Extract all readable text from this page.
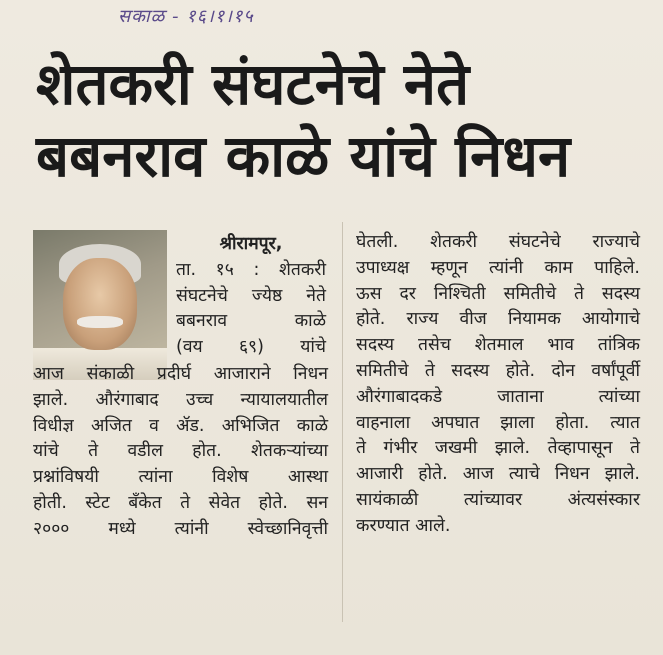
सकाळ - १६।१।१५
शेतकरी संघटनेचे नेते
बबनराव काळे यांचे निधन
श्रीरामपूर,
ता. १५ : शेतकरी
संघटनेचे ज्येष्ठ नेते
बबनराव काळे
(वय ६९) यांचे
आज संकाळी प्रदीर्घ आजाराने निधन
झाले. औरंगाबाद उच्च न्यायालयातील
विधीज्ञ अजित व ॲड. अभिजित काळे
यांचे ते वडील होत. शेतकऱ्यांच्या
प्रश्नांविषयी त्यांना विशेष आस्था
होती. स्टेट बँकेत ते सेवेत होते. सन
२००० मध्ये त्यांनी स्वेच्छानिवृत्ती
घेतली. शेतकरी संघटनेचे राज्याचे
उपाध्यक्ष म्हणून त्यांनी काम पाहिले.
ऊस दर निश्चिती समितीचे ते सदस्य
होते. राज्य वीज नियामक आयोगाचे
सदस्य तसेच शेतमाल भाव तांत्रिक
समितीचे ते सदस्य होते. दोन वर्षांपूर्वी
औरंगाबादकडे जाताना त्यांच्या
वाहनाला अपघात झाला होता. त्यात
ते गंभीर जखमी झाले. तेव्हापासून ते
आजारी होते. आज त्याचे निधन झाले.
सायंकाळी त्यांच्यावर अंत्यसंस्कार
करण्यात आले.
